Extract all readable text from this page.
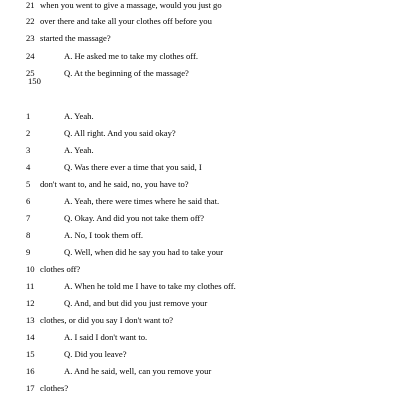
21 when you went to give a massage, would you just go
22 over there and take all your clothes off before you
23 started the massage?
24	A. He asked me to take my clothes off.
25	Q. At the beginning of the massage?
150
1	A. Yeah.
2	Q. All right. And you said okay?
3	A. Yeah.
4	Q. Was there ever a time that you said, I
5	don't want to, and he said, no, you have to?
6	A. Yeah, there were times where he said that.
7	Q. Okay. And did you not take them off?
8	A. No, I took them off.
9	Q. Well, when did he say you had to take your
10 clothes off?
11	A. When he told me I have to take my clothes off.
12	Q. And, and but did you just remove your
13 clothes, or did you say I don't want to?
14	A. I said I don't want to.
15	Q. Did you leave?
16	A. And he said, well, can you remove your
17 clothes?
